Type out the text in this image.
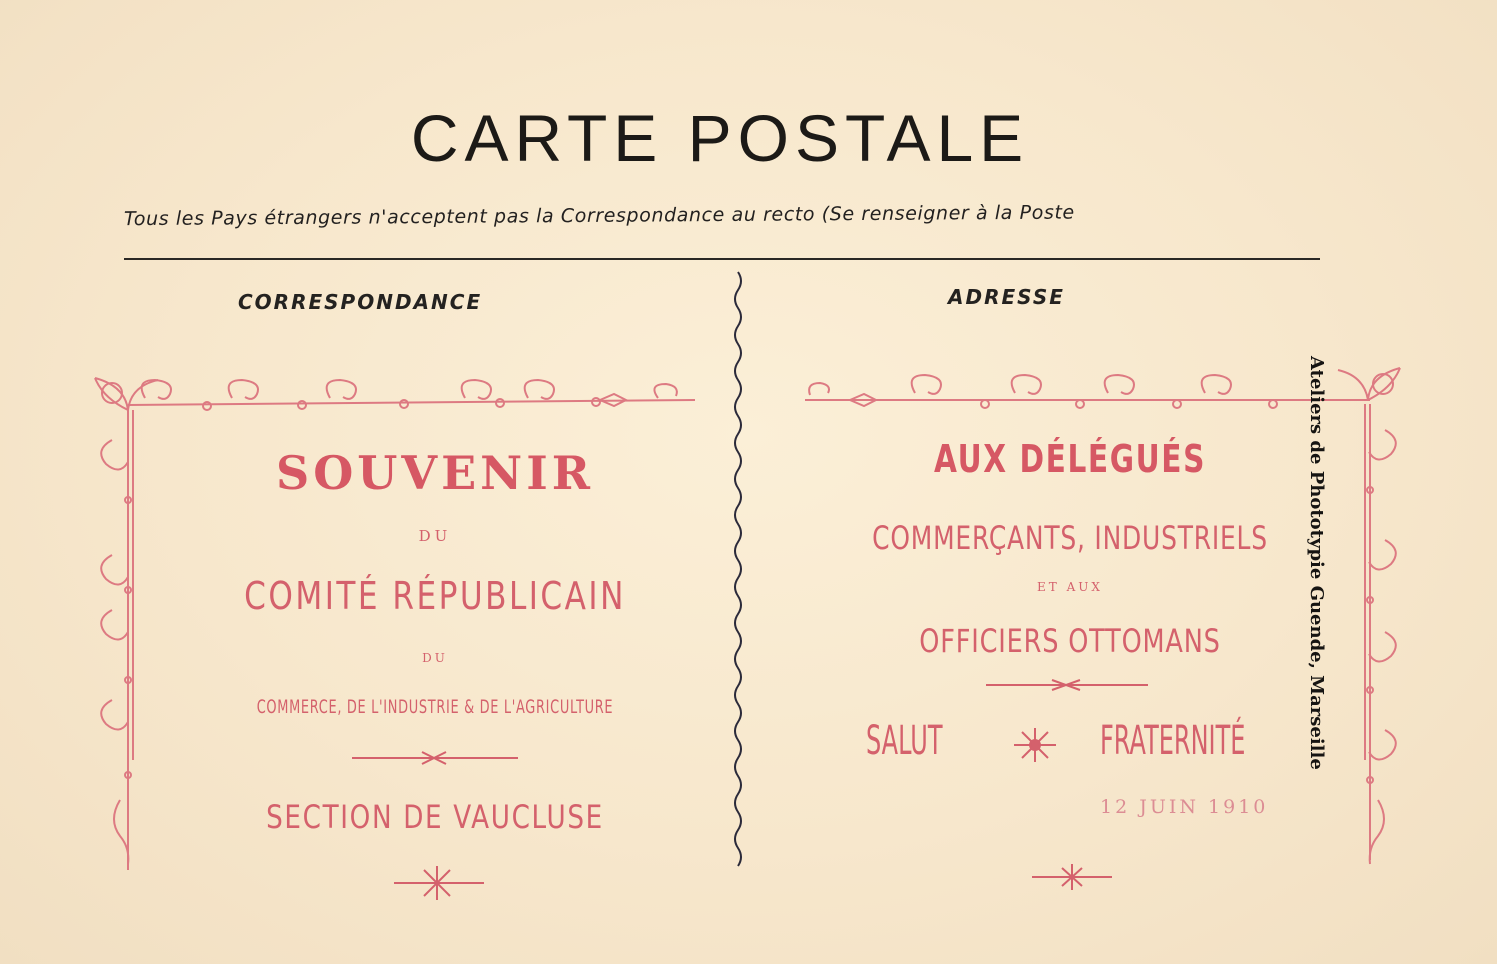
CARTE POSTALE
Tous les Pays étrangers n'acceptent pas la Correspondance au recto (Se renseigner à la Poste
CORRESPONDANCE	ADRESSE
SOUVENIR
DU
COMITÉ RÉPUBLICAIN
DU
COMMERCE, DE L'INDUSTRIE & DE L'AGRICULTURE
SECTION DE VAUCLUSE
AUX DÉLÉGUÉS
COMMERÇANTS, INDUSTRIELS
ET AUX
OFFICIERS OTTOMANS
SALUT	FRATERNITÉ
12 JUIN 1910
Ateliers de Phototypie Guende, Marseille
